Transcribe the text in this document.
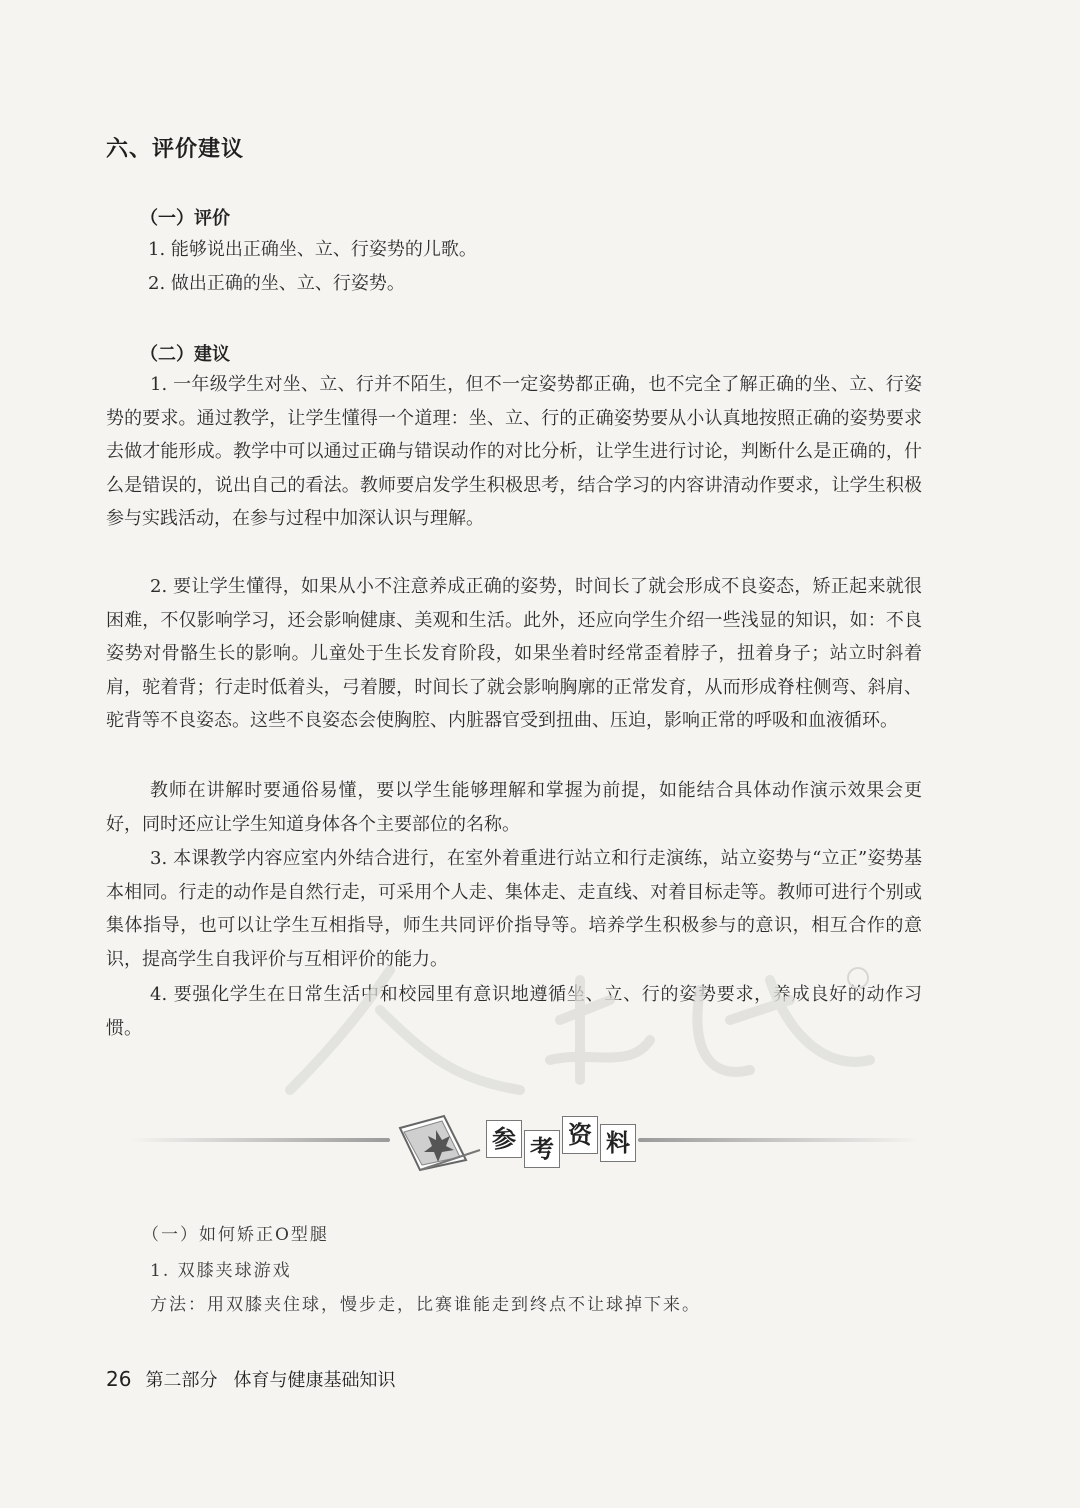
六、评价建议
（一）评价
1. 能够说出正确坐、立、行姿势的儿歌。
2. 做出正确的坐、立、行姿势。
（二）建议

1. 一年级学生对坐、立、行并不陌生，但不一定姿势都正确，也不完全了解正确的坐、立、行姿势的要求。通过教学，让学生懂得一个道理：坐、立、行的正确姿势要从小认真地按照正确的姿势要求去做才能形成。教学中可以通过正确与错误动作的对比分析，让学生进行讨论，判断什么是正确的，什么是错误的，说出自己的看法。教师要启发学生积极思考，结合学习的内容讲清动作要求，让学生积极参与实践活动，在参与过程中加深认识与理解。

2. 要让学生懂得，如果从小不注意养成正确的姿势，时间长了就会形成不良姿态，矫正起来就很困难，不仅影响学习，还会影响健康、美观和生活。此外，还应向学生介绍一些浅显的知识，如：不良姿势对骨骼生长的影响。儿童处于生长发育阶段，如果坐着时经常歪着脖子，扭着身子；站立时斜着肩，驼着背；行走时低着头，弓着腰，时间长了就会影响胸廓的正常发育，从而形成脊柱侧弯、斜肩、驼背等不良姿态。这些不良姿态会使胸腔、内脏器官受到扭曲、压迫，影响正常的呼吸和血液循环。

教师在讲解时要通俗易懂，要以学生能够理解和掌握为前提，如能结合具体动作演示效果会更好，同时还应让学生知道身体各个主要部位的名称。

3. 本课教学内容应室内外结合进行，在室外着重进行站立和行走演练，站立姿势与“立正”姿势基本相同。行走的动作是自然行走，可采用个人走、集体走、走直线、对着目标走等。教师可进行个别或集体指导，也可以让学生互相指导，师生共同评价指导等。培养学生积极参与的意识，相互合作的意识，提高学生自我评价与互相评价的能力。

4. 要强化学生在日常生活中和校园里有意识地遵循坐、立、行的姿势要求，养成良好的动作习惯。

参 考 资 料
（一）如何矫正O型腿
1. 双膝夹球游戏
方法：用双膝夹住球，慢步走，比赛谁能走到终点不让球掉下来。
26 第二部分 体育与健康基础知识
